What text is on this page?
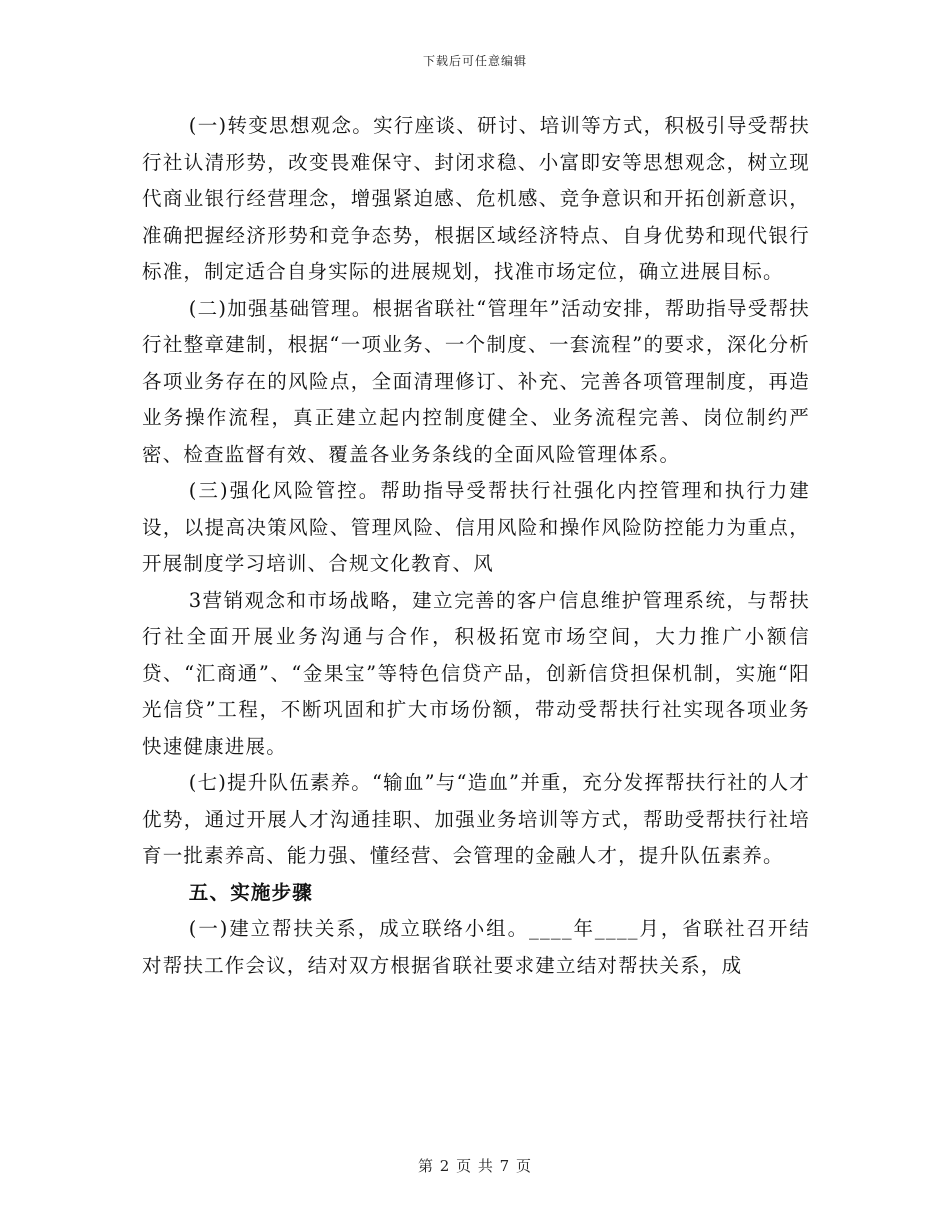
下载后可任意编辑

(一)转变思想观念。实行座谈、研讨、培训等方式，积极引导受帮扶行社认清形势，改变畏难保守、封闭求稳、小富即安等思想观念，树立现代商业银行经营理念，增强紧迫感、危机感、竞争意识和开拓创新意识，准确把握经济形势和竞争态势，根据区域经济特点、自身优势和现代银行标准，制定适合自身实际的进展规划，找准市场定位，确立进展目标。

(二)加强基础管理。根据省联社“管理年”活动安排，帮助指导受帮扶行社整章建制，根据“一项业务、一个制度、一套流程”的要求，深化分析各项业务存在的风险点，全面清理修订、补充、完善各项管理制度，再造业务操作流程，真正建立起内控制度健全、业务流程完善、岗位制约严密、检查监督有效、覆盖各业务条线的全面风险管理体系。

(三)强化风险管控。帮助指导受帮扶行社强化内控管理和执行力建设，以提高决策风险、管理风险、信用风险和操作风险防控能力为重点，开展制度学习培训、合规文化教育、风

3营销观念和市场战略，建立完善的客户信息维护管理系统，与帮扶行社全面开展业务沟通与合作，积极拓宽市场空间，大力推广小额信贷、“汇商通”、“金果宝”等特色信贷产品，创新信贷担保机制，实施“阳光信贷”工程，不断巩固和扩大市场份额，带动受帮扶行社实现各项业务快速健康进展。

(七)提升队伍素养。“输血”与“造血”并重，充分发挥帮扶行社的人才优势，通过开展人才沟通挂职、加强业务培训等方式，帮助受帮扶行社培育一批素养高、能力强、懂经营、会管理的金融人才，提升队伍素养。

五、实施步骤

(一)建立帮扶关系，成立联络小组。____年____月，省联社召开结对帮扶工作会议，结对双方根据省联社要求建立结对帮扶关系，成

第 2 页 共 7 页
